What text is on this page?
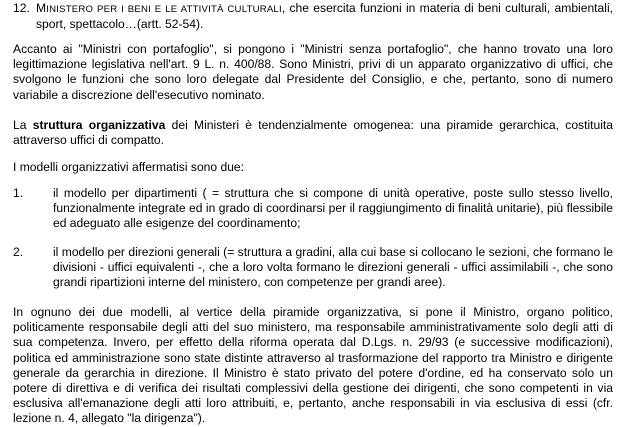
12. MINISTERO PER I BENI E LE ATTIVITÀ CULTURALI, che esercita funzioni in materia di beni culturali, ambientali, sport, spettacolo…(artt. 52-54).

Accanto ai "Ministri con portafoglio", si pongono i "Ministri senza portafoglio", che hanno trovato una loro legittimazione legislativa nell'art. 9 L. n. 400/88. Sono Ministri, privi di un apparato organizzativo di uffici, che svolgono le funzioni che sono loro delegate dal Presidente del Consiglio, e che, pertanto, sono di numero variabile a discrezione dell'esecutivo nominato.

La struttura organizzativa dei Ministeri è tendenzialmente omogenea: una piramide gerarchica, costituita attraverso uffici di compatto.

I modelli organizzativi affermatisi sono due:

1. il modello per dipartimenti ( = struttura che si compone di unità operative, poste sullo stesso livello, funzionalmente integrate ed in grado di coordinarsi per il raggiungimento di finalità unitarie), più flessibile ed adeguato alle esigenze del coordinamento;
2. il modello per direzioni generali (= struttura a gradini, alla cui base si collocano le sezioni, che formano le divisioni - uffici equivalenti -, che a loro volta formano le direzioni generali - uffici assimilabili -, che sono grandi ripartizioni interne del ministero, con competenze per grandi aree).

In ognuno dei due modelli, al vertice della piramide organizzativa, si pone il Ministro, organo politico, politicamente responsabile degli atti del suo ministero, ma responsabile amministrativamente solo degli atti di sua competenza. Invero, per effetto della riforma operata dal D.Lgs. n. 29/93 (e successive modificazioni), politica ed amministrazione sono state distinte attraverso al trasformazione del rapporto tra Ministro e dirigente generale da gerarchia in direzione. Il Ministro è stato privato del potere d'ordine, ed ha conservato solo un potere di direttiva e di verifica dei risultati complessivi della gestione dei dirigenti, che sono competenti in via esclusiva all'emanazione degli atti loro attribuiti, e, pertanto, anche responsabili in via esclusiva di essi (cfr. lezione n. 4, allegato "la dirigenza").
